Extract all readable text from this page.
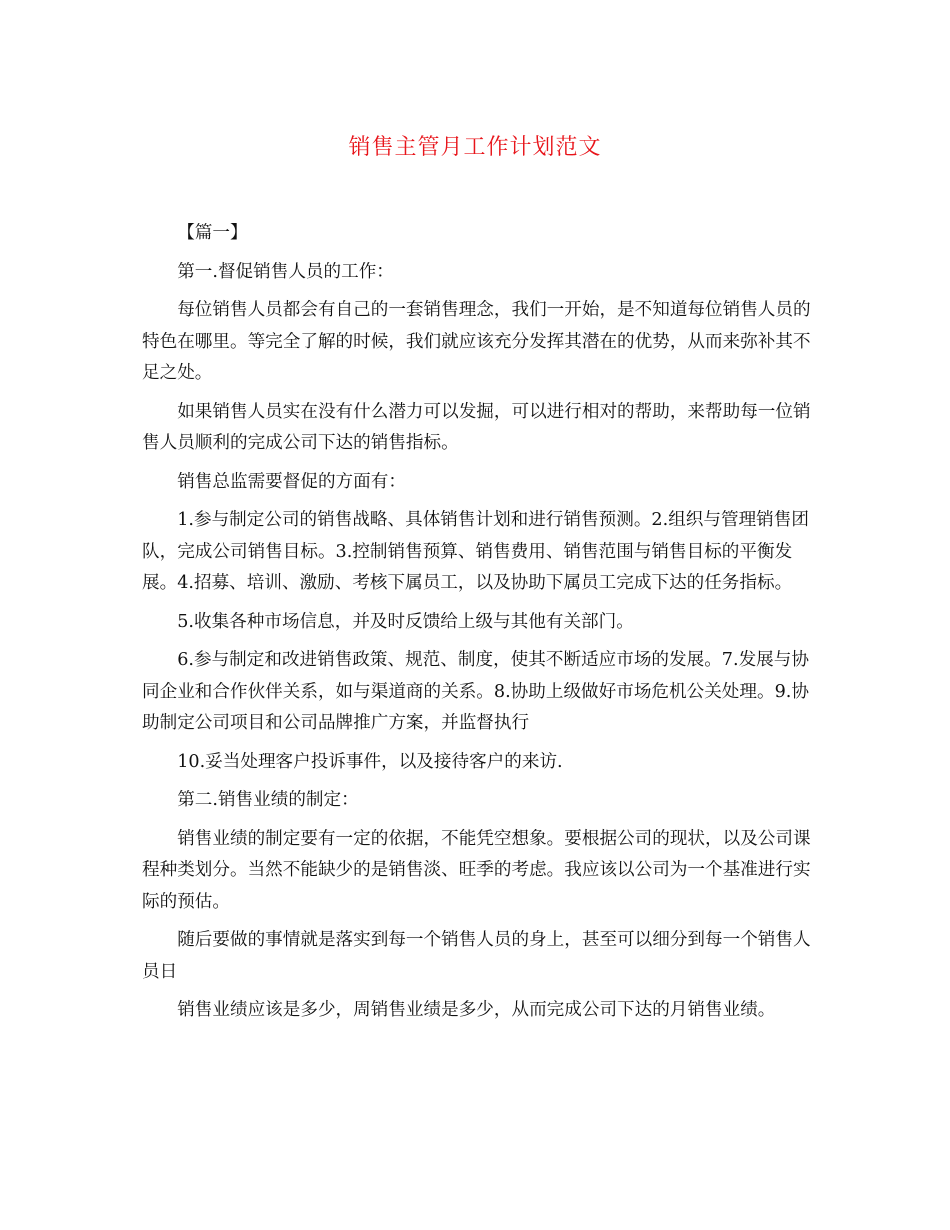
销售主管月工作计划范文

【篇一】

第一.督促销售人员的工作：

每位销售人员都会有自己的一套销售理念，我们一开始，是不知道每位销售人员的特色在哪里。等完全了解的时候，我们就应该充分发挥其潜在的优势，从而来弥补其不足之处。

如果销售人员实在没有什么潜力可以发掘，可以进行相对的帮助，来帮助每一位销售人员顺利的完成公司下达的销售指标。

销售总监需要督促的方面有：

1.参与制定公司的销售战略、具体销售计划和进行销售预测。2.组织与管理销售团队，完成公司销售目标。3.控制销售预算、销售费用、销售范围与销售目标的平衡发展。4.招募、培训、激励、考核下属员工，以及协助下属员工完成下达的任务指标。

5.收集各种市场信息，并及时反馈给上级与其他有关部门。

6.参与制定和改进销售政策、规范、制度，使其不断适应市场的发展。7.发展与协同企业和合作伙伴关系，如与渠道商的关系。8.协助上级做好市场危机公关处理。9.协助制定公司项目和公司品牌推广方案，并监督执行

10.妥当处理客户投诉事件，以及接待客户的来访.

第二.销售业绩的制定：

销售业绩的制定要有一定的依据，不能凭空想象。要根据公司的现状，以及公司课程种类划分。当然不能缺少的是销售淡、旺季的考虑。我应该以公司为一个基准进行实际的预估。

随后要做的事情就是落实到每一个销售人员的身上，甚至可以细分到每一个销售人员日

销售业绩应该是多少，周销售业绩是多少，从而完成公司下达的月销售业绩。
